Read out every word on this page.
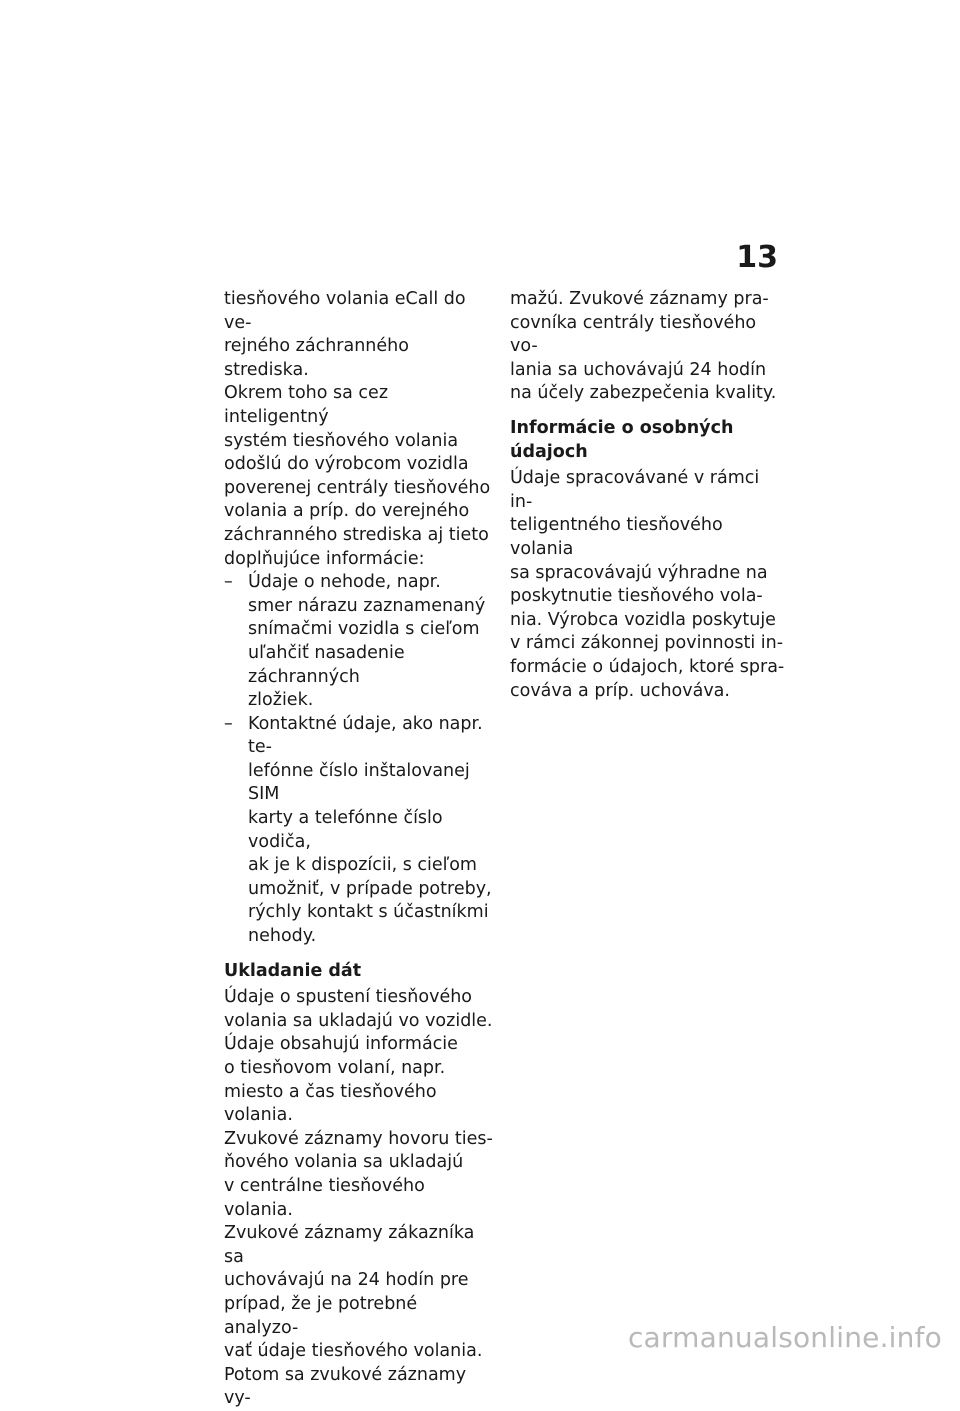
13
tiesňového volania eCall do ve-
rejného záchranného strediska.
Okrem toho sa cez inteligentný
systém tiesňového volania
odošlú do výrobcom vozidla
poverenej centrály tiesňového
volania a príp. do verejného
záchranného strediska aj tieto
doplňujúce informácie:
– Údaje o nehode, napr.
smer nárazu zaznamenaný
snímačmi vozidla s cieľom
uľahčiť nasadenie záchranných
zložiek.
– Kontaktné údaje, ako napr. te-
lefónne číslo inštalovanej SIM
karty a telefónne číslo vodiča,
ak je k dispozícii, s cieľom
umožniť, v prípade potreby,
rýchly kontakt s účastníkmi
nehody.
Ukladanie dát
Údaje o spustení tiesňového
volania sa ukladajú vo vozidle.
Údaje obsahujú informácie
o tiesňovom volaní, napr.
miesto a čas tiesňového
volania.
Zvukové záznamy hovoru ties-
ňového volania sa ukladajú
v centrálne tiesňového volania.
Zvukové záznamy zákazníka sa
uchovávajú na 24 hodín pre
prípad, že je potrebné analyzo-
vať údaje tiesňového volania.
Potom sa zvukové záznamy vy-
mažú. Zvukové záznamy pra-
covníka centrály tiesňového vo-
lania sa uchovávajú 24 hodín
na účely zabezpečenia kvality.
Informácie o osobných
údajoch
Údaje spracovávané v rámci in-
teligentného tiesňového volania
sa spracovávajú výhradne na
poskytnutie tiesňového vola-
nia. Výrobca vozidla poskytuje
v rámci zákonnej povinnosti in-
formácie o údajoch, ktoré spra-
cováva a príp. uchováva.
carmanualsonline.info
